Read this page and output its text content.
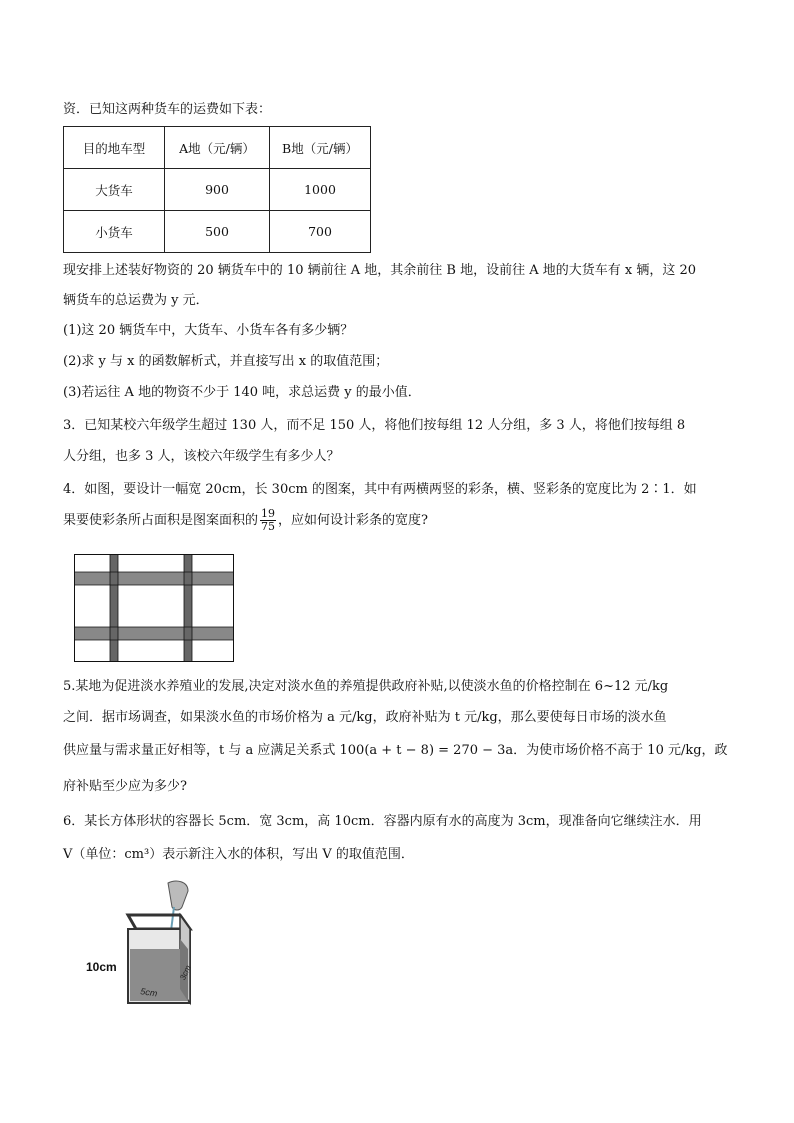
资．已知这两种货车的运费如下表：
目的地车型	A地（元/辆）	B地（元/辆）
大货车	900	1000
小货车	500	700
现安排上述装好物资的 20 辆货车中的 10 辆前往 A 地，其余前往 B 地，设前往 A 地的大货车有 x 辆，这 20
辆货车的总运费为 y 元．
(1)这 20 辆货车中，大货车、小货车各有多少辆？
(2)求 y 与 x 的函数解析式，并直接写出 x 的取值范围；
(3)若运往 A 地的物资不少于 140 吨，求总运费 y 的最小值．
3．已知某校六年级学生超过 130 人，而不足 150 人，将他们按每组 12 人分组，多 3 人，将他们按每组 8
人分组，也多 3 人，该校六年级学生有多少人？
4．如图，要设计一幅宽 20cm，长 30cm 的图案，其中有两横两竖的彩条，横、竖彩条的宽度比为 2∶1．如
果要使彩条所占面积是图案面积的 $\frac{19}{75}$ ，应如何设计彩条的宽度?
5.某地为促进淡水养殖业的发展,决定对淡水鱼的养殖提供政府补贴,以使淡水鱼的价格控制在 6~12 元/kg
之间．据市场调查，如果淡水鱼的市场价格为 a 元/kg，政府补贴为 t 元/kg，那么要使每日市场的淡水鱼
供应量与需求量正好相等，t 与 a 应满足关系式 100(a + t − 8) = 270 − 3a．为使市场价格不高于 10 元/kg，政
府补贴至少应为多少?
6．某长方体形状的容器长 5cm．宽 3cm，高 10cm．容器内原有水的高度为 3cm，现准备向它继续注水．用
V（单位：cm³）表示新注入水的体积，写出 V 的取值范围．
10cm
5cm
3cm
